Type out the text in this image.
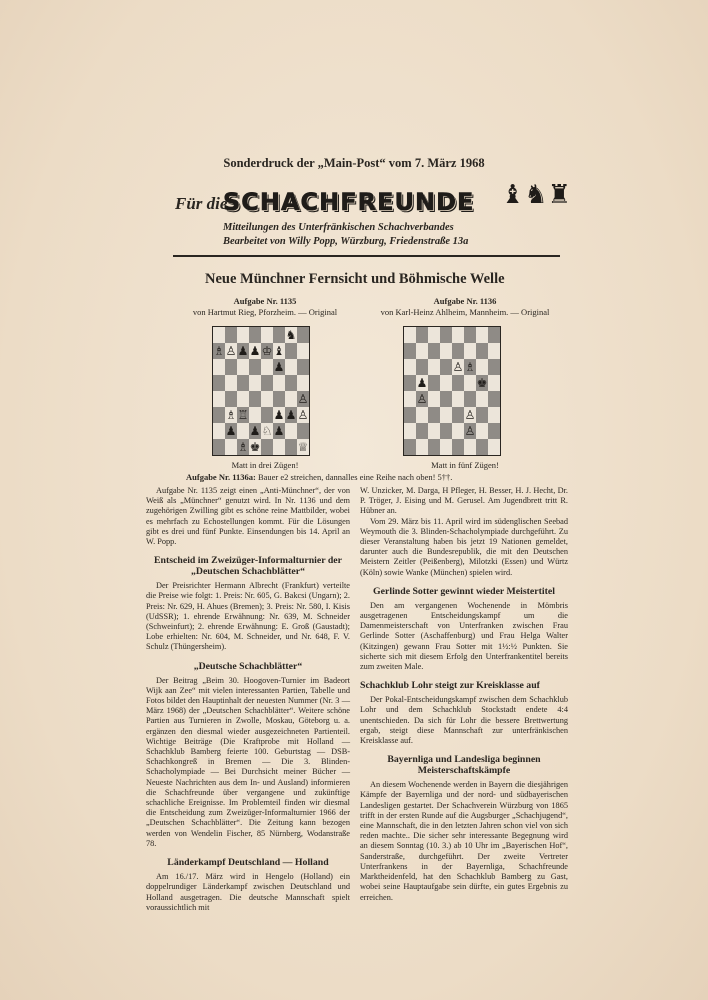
Sonderdruck der „Main-Post“ vom 7. März 1968
Für die
SCHACHFREUNDE ♝♞♜
Mitteilungen des Unterfränkischen Schachverbandes
Bearbeitet von Willy Popp, Würzburg, Friedenstraße 13a
Neue Münchner Fernsicht und Böhmische Welle
Aufgabe Nr. 1135
von Hartmut Rieg, Pforzheim. — Original
♞
♗ ♙ ♟ ♟ ♔ ♝
♟
♙
♗ ♖ ♟ ♟ ♙
♟ ♟ ♘ ♟
♗ ♚	♕
Matt in drei Zügen!
Aufgabe Nr. 1136
von Karl-Heinz Ahlheim, Mannheim. — Original
♙ ♗
♟	♚
♙
♙
♙
Matt in fünf Zügen!
Aufgabe Nr. 1136a: Bauer e2 streichen, dannalles eine Reihe nach oben! 5††.

Aufgabe Nr. 1135 zeigt einen „Anti-Münchner“, der von Weiß als „Münchner“ genutzt wird. In Nr. 1136 und dem zugehörigen Zwilling gibt es schöne reine Mattbilder, wobei es mehrfach zu Echostellungen kommt. Für die Lösungen gibt es drei und fünf Punkte. Einsendungen bis 14. April an W. Popp.

Entscheid im Zweizüger-Informalturnier der „Deutschen Schachblätter“

Der Preisrichter Hermann Albrecht (Frankfurt) verteilte die Preise wie folgt: 1. Preis: Nr. 605, G. Bakcsi (Ungarn); 2. Preis: Nr. 629, H. Ahues (Bremen); 3. Preis: Nr. 580, I. Kisis (UdSSR); 1. ehrende Erwähnung: Nr. 639, M. Schneider (Schweinfurt); 2. ehrende Erwähnung: E. Groß (Gaustadt); Lobe erhielten: Nr. 604, M. Schneider, und Nr. 648, F. V. Schulz (Thüngersheim).

„Deutsche Schachblätter“

Der Beitrag „Beim 30. Hoogoven-Turnier im Badeort Wijk aan Zee“ mit vielen interessanten Partien, Tabelle und Fotos bildet den Hauptinhalt der neuesten Nummer (Nr. 3 — März 1968) der „Deutschen Schachblätter“. Weitere schöne Partien aus Turnieren in Zwolle, Moskau, Göteborg u. a. ergänzen den diesmal wieder ausgezeichneten Partienteil. Wichtige Beiträge (Die Kraftprobe mit Holland — Schachklub Bamberg feierte 100. Geburtstag — DSB-Schachkongreß in Bremen — Die 3. Blinden-Schacholympiade — Bei Durchsicht meiner Bücher — Neueste Nachrichten aus dem In- und Ausland) informieren die Schachfreunde über vergangene und zukünftige schachliche Ereignisse. Im Problemteil finden wir diesmal die Entscheidung zum Zweizüger-Informalturnier 1966 der „Deutschen Schachblätter“. Die Zeitung kann bezogen werden von Wendelin Fischer, 85 Nürnberg, Wodanstraße 78.

Länderkampf Deutschland — Holland

Am 16./17. März wird in Hengelo (Holland) ein doppelrundiger Länderkampf zwischen Deutschland und Holland ausgetragen. Die deutsche Mannschaft spielt voraussichtlich mit

W. Unzicker, M. Darga, H Pfleger, H. Besser, H. J. Hecht, Dr. P. Tröger, J. Eising und M. Gerusel. Am Jugendbrett tritt R. Hübner an.

Vom 29. März bis 11. April wird im südenglischen Seebad Weymouth die 3. Blinden-Schacholympiade durchgeführt. Zu dieser Veranstaltung haben bis jetzt 19 Nationen gemeldet, darunter auch die Bundesrepublik, die mit den Deutschen Meistern Zeitler (Peißenberg), Milotzki (Essen) und Würtz (Köln) sowie Wanke (München) spielen wird.

Gerlinde Sotter gewinnt wieder Meistertitel

Den am vergangenen Wochenende in Mömbris ausgetragenen Entscheidungskampf um die Damenmeisterschaft von Unterfranken zwischen Frau Gerlinde Sotter (Aschaffenburg) und Frau Helga Walter (Kitzingen) gewann Frau Sotter mit 1½:½ Punkten. Sie sicherte sich mit diesem Erfolg den Unterfrankentitel bereits zum zweiten Male.

Schachklub Lohr steigt zur Kreisklasse auf

Der Pokal-Entscheidungskampf zwischen dem Schachklub Lohr und dem Schachklub Stockstadt endete 4:4 unentschieden. Da sich für Lohr die bessere Brettwertung ergab, steigt diese Mannschaft zur unterfränkischen Kreisklasse auf.

Bayernliga und Landesliga beginnen Meisterschaftskämpfe

An diesem Wochenende werden in Bayern die diesjährigen Kämpfe der Bayernliga und der nord- und südbayerischen Landesligen gestartet. Der Schachverein Würzburg von 1865 trifft in der ersten Runde auf die Augsburger „Schachjugend“, eine Mannschaft, die in den letzten Jahren schon viel von sich reden machte.. Die sicher sehr interessante Begegnung wird an diesem Sonntag (10. 3.) ab 10 Uhr im „Bayerischen Hof“, Sanderstraße, durchgeführt. Der zweite Vertreter Unterfrankens in der Bayernliga, Schachfreunde Marktheidenfeld, hat den Schachklub Bamberg zu Gast, wobei seine Hauptaufgabe sein dürfte, ein gutes Ergebnis zu erreichen.
